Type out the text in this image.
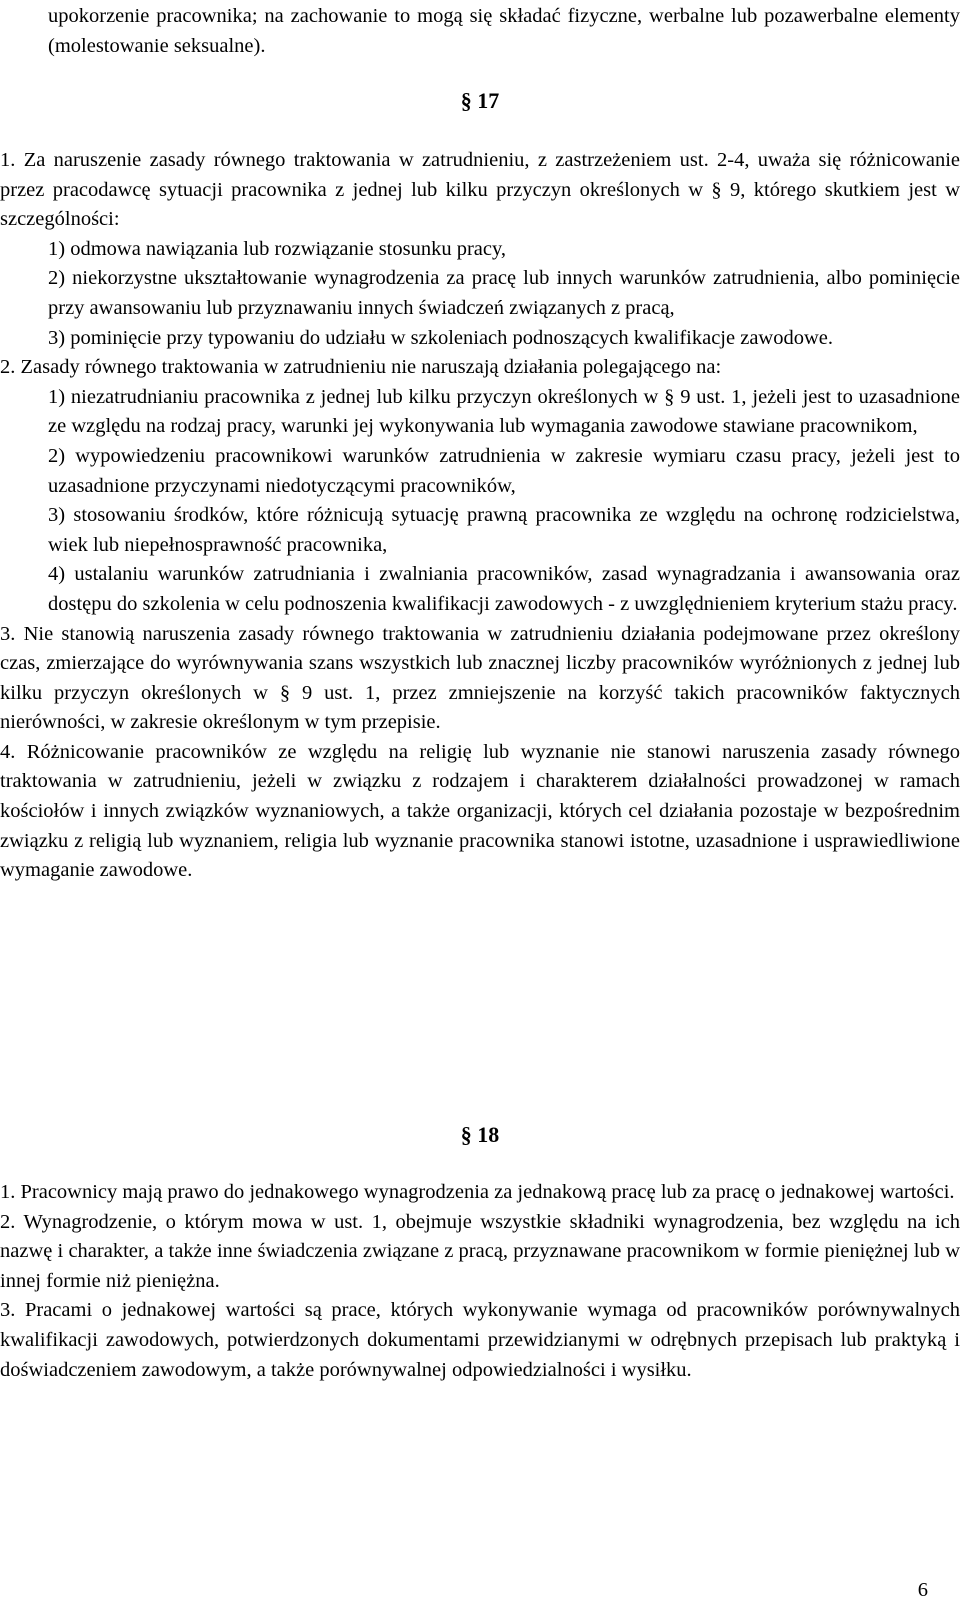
upokorzenie pracownika; na zachowanie to mogą się składać fizyczne, werbalne lub pozawerbalne elementy (molestowanie seksualne).

§ 17

1. Za naruszenie zasady równego traktowania w zatrudnieniu, z zastrzeżeniem ust. 2-4, uważa się różnicowanie przez pracodawcę sytuacji pracownika z jednej lub kilku przyczyn określonych w § 9, którego skutkiem jest w szczególności:

1) odmowa nawiązania lub rozwiązanie stosunku pracy,

2) niekorzystne ukształtowanie wynagrodzenia za pracę lub innych warunków zatrudnienia, albo pominięcie przy awansowaniu lub przyznawaniu innych świadczeń związanych z pracą,

3) pominięcie przy typowaniu do udziału w szkoleniach podnoszących kwalifikacje zawodowe.

2. Zasady równego traktowania w zatrudnieniu nie naruszają działania polegającego na:

1) niezatrudnianiu pracownika z jednej lub kilku przyczyn określonych w § 9 ust. 1, jeżeli jest to uzasadnione ze względu na rodzaj pracy, warunki jej wykonywania lub wymagania zawodowe stawiane pracownikom,

2) wypowiedzeniu pracownikowi warunków zatrudnienia w zakresie wymiaru czasu pracy, jeżeli jest to uzasadnione przyczynami niedotyczącymi pracowników,

3) stosowaniu środków, które różnicują sytuację prawną pracownika ze względu na ochronę rodzicielstwa, wiek lub niepełnosprawność pracownika,

4) ustalaniu warunków zatrudniania i zwalniania pracowników, zasad wynagradzania i awansowania oraz dostępu do szkolenia w celu podnoszenia kwalifikacji zawodowych - z uwzględnieniem kryterium stażu pracy.

3. Nie stanowią naruszenia zasady równego traktowania w zatrudnieniu działania podejmowane przez określony czas, zmierzające do wyrównywania szans wszystkich lub znacznej liczby pracowników wyróżnionych z jednej lub kilku przyczyn określonych w § 9 ust. 1, przez zmniejszenie na korzyść takich pracowników faktycznych nierówności, w zakresie określonym w tym przepisie.

4. Różnicowanie pracowników ze względu na religię lub wyznanie nie stanowi naruszenia zasady równego traktowania w zatrudnieniu, jeżeli w związku z rodzajem i charakterem działalności prowadzonej w ramach kościołów i innych związków wyznaniowych, a także organizacji, których cel działania pozostaje w bezpośrednim związku z religią lub wyznaniem, religia lub wyznanie pracownika stanowi istotne, uzasadnione i usprawiedliwione wymaganie zawodowe.

§ 18

1. Pracownicy mają prawo do jednakowego wynagrodzenia za jednakową pracę lub za pracę o jednakowej wartości.

2. Wynagrodzenie, o którym mowa w ust. 1, obejmuje wszystkie składniki wynagrodzenia, bez względu na ich nazwę i charakter, a także inne świadczenia związane z pracą, przyznawane pracownikom w formie pieniężnej lub w innej formie niż pieniężna.

3. Pracami o jednakowej wartości są prace, których wykonywanie wymaga od pracowników porównywalnych kwalifikacji zawodowych, potwierdzonych dokumentami przewidzianymi w odrębnych przepisach lub praktyką i doświadczeniem zawodowym, a także porównywalnej odpowiedzialności i wysiłku.

6
